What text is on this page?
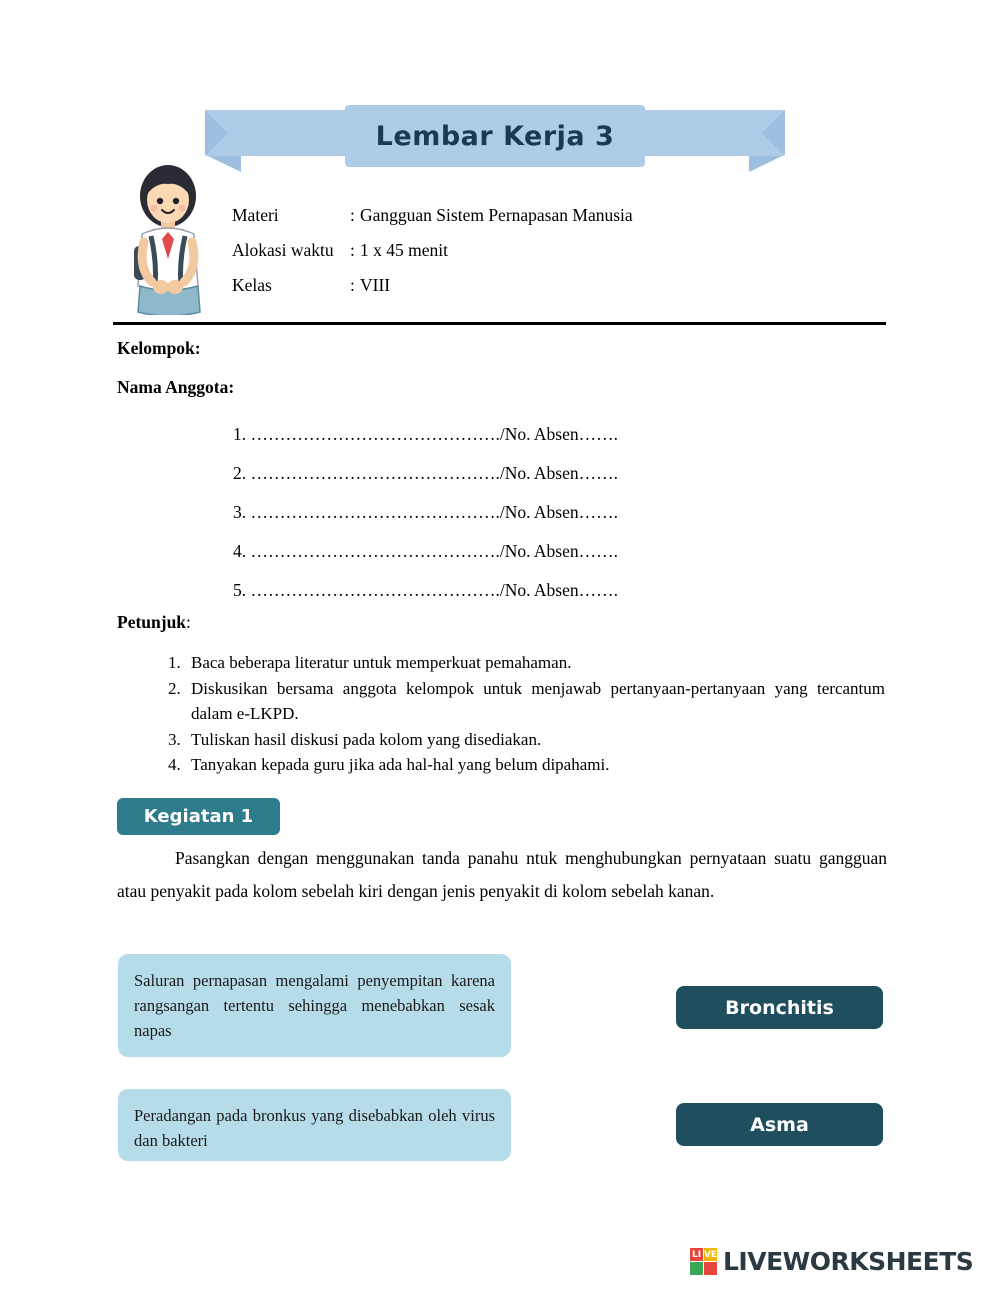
Lembar Kerja 3
Materi	: Gangguan Sistem Pernapasan Manusia
Alokasi waktu : 1 x 45 menit
Kelas	: VIII
Kelompok:
Nama Anggota:
1. ……………………………………./No. Absen…….
2. ……………………………………./No. Absen…….
3. ……………………………………./No. Absen…….
4. ……………………………………./No. Absen…….
5. ……………………………………./No. Absen…….
Petunjuk:
1. Baca beberapa literatur untuk memperkuat pemahaman.
2. Diskusikan bersama anggota kelompok untuk menjawab pertanyaan-pertanyaan yang tercantum dalam e-LKPD.
3. Tuliskan hasil diskusi pada kolom yang disediakan.
4. Tanyakan kepada guru jika ada hal-hal yang belum dipahami.
Kegiatan 1
Pasangkan dengan menggunakan tanda panahu ntuk menghubungkan pernyataan suatu gangguan atau penyakit pada kolom sebelah kiri dengan jenis penyakit di kolom sebelah kanan.
Saluran pernapasan mengalami penyempitan karena rangsangan tertentu sehingga menebabkan sesak napas
Peradangan pada bronkus yang disebabkan oleh virus dan bakteri
Bronchitis
Asma
LI VE LIVEWORKSHEETS
